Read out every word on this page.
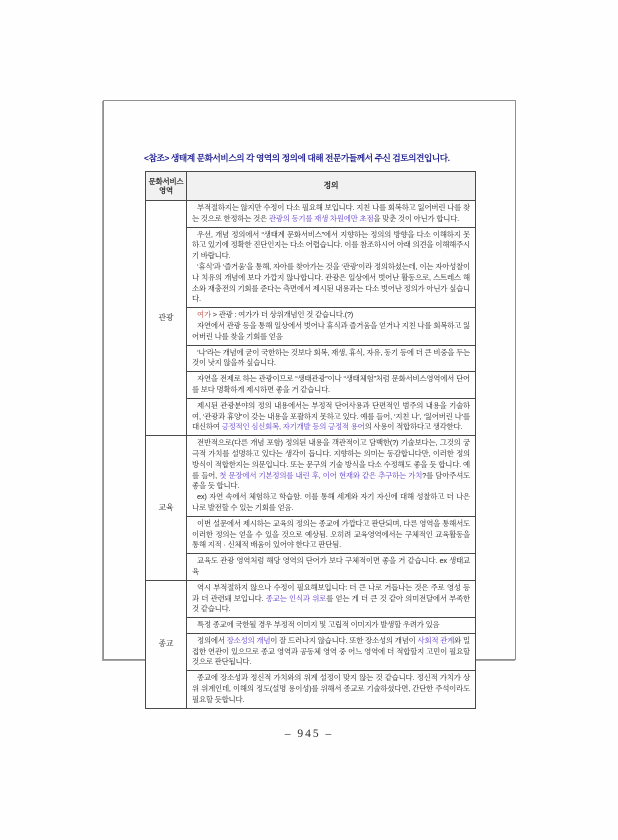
<참조> 생태계 문화서비스의 각 영역의 정의에 대해 전문가들께서 주신 검토의견입니다.
문화서비스 영역	정의
관광	부적절하지는 않지만 수정이 다소 필요해 보입니다. 지친 나를 회복하고 잃어버린 나를 찾는 것으로 한정하는 것은 관광의 동기를 재생 차원에만 초점을 맞춘 것이 아닌가 합니다.

	우선, 개념 정의에서 “생태계 문화서비스”에서 지향하는 정의의 방향을 다소 이해하지 못하고 있기에 정확한 진단인지는 다소 어렵습니다. 이를 참조하시어 아래 의견을 이해해주시기 바랍니다.

‘휴식’과 ‘즐거움’을 통해, 자아를 찾아가는 것을 ‘관광’이라 정의하셨는데, 이는 자아성찰이나 치유의 개념에 보다 가깝지 않나합니다. 관광은 일상에서 벗어난 활동으로, 스트레스 해소와 재충전의 기회를 준다는 측면에서 제시된 내용과는 다소 벗어난 정의가 아닌가 싶습니다.

	여가 > 관광 : 여가가 더 상위개념인 것 같습니다.(?)

자연에서 관광 등을 통해 일상에서 벗어나 휴식과 즐거움을 얻거나 지친 나를 회복하고 잃어버린 나를 찾을 기회를 얻음

	‘나’라는 개념에 굳이 국한하는 것보다 회복, 재생, 휴식, 자유, 동기 등에 더 큰 비중을 두는 것이 낫지 않을까 싶습니다.

	자연을 전제로 하는 관광이므로 “생태관광”이나 “생태체험”처럼 문화서비스영역에서 단어를 보다 명확하게 제시하면 좋을 거 같습니다.

	제시된 관광분야의 정의 내용에서는 부정적 단어사용과 단편적인 범주의 내용을 기술하여, ‘관광과 휴양’이 갖는 내용을 포괄하지 못하고 있다. 예를 들어, ‘지친 나’, ‘잃어버린 나’를 대신하여 긍정적인 심신회복, 자기개발 등의 긍정적 용어의 사용이 적합하다고 생각한다.

교육	전반적으로(다른 개념 포함) 정의된 내용을 객관적이고 담백한(?) 기술보다는, 그것의 궁극적 가치를 설명하고 있다는 생각이 듭니다. 지향하는 의미는 동감합니다만, 이러한 정의 방식이 적합한지는 의문입니다. 또는 문구의 기술 방식을 다소 수정해도 좋을 듯 합니다. 예를 들어, 첫 문장에서 기본정의를 내린 후, 이어 현재와 같은 추구하는 가치?를 담아주셔도 좋을 듯 합니다.

ex) 자연 속에서 체험하고 학습함. 이를 통해 세계와 자기 자신에 대해 성찰하고 더 나은 나로 발전할 수 있는 기회를 얻음.

	이번 설문에서 제시하는 교육의 정의는 종교에 가깝다고 판단되며, 다른 영역을 통해서도 이러한 정의는 얻을 수 있을 것으로 예상됨. 오히려 교육영역에서는 구체적인 교육활동을 통해 지적 · 신체적 배움이 있어야 한다고 판단됨.

	교육도 관광 영역처럼 해당 영역의 단어가 보다 구체적이면 좋을 거 같습니다. ex 생태교육

종교	역시 부적절하지 않으나 수정이 필요해보입니다: 더 큰 나로 거듭나는 것은 주로 영성 등과 더 관련돼 보입니다. 종교는 인식과 위로를 얻는 게 더 큰 것 같아 의미전달에서 부족한 것 같습니다.

	특정 종교에 국한될 경우 부정적 이미지 및 고립적 이미지가 발생할 우려가 있음

	정의에서 장소성의 개념이 잘 드러나지 않습니다. 또한 장소성의 개념이 사회적 관계와 밀접한 연관이 있으므로 종교 영역과 공동체 영역 중 어느 영역에 더 적합할지 고민이 필요할 것으로 판단됩니다.

	종교에 장소성과 정신적 가치와의 위계 설정이 맞지 않는 것 같습니다. 정신적 가치가 상위 위계인데, 이해의 정도(설명 용이성)를 위해서 종교로 기술하셨다면, 간단한 주석이라도 필요할 듯합니다.

– 945 –
